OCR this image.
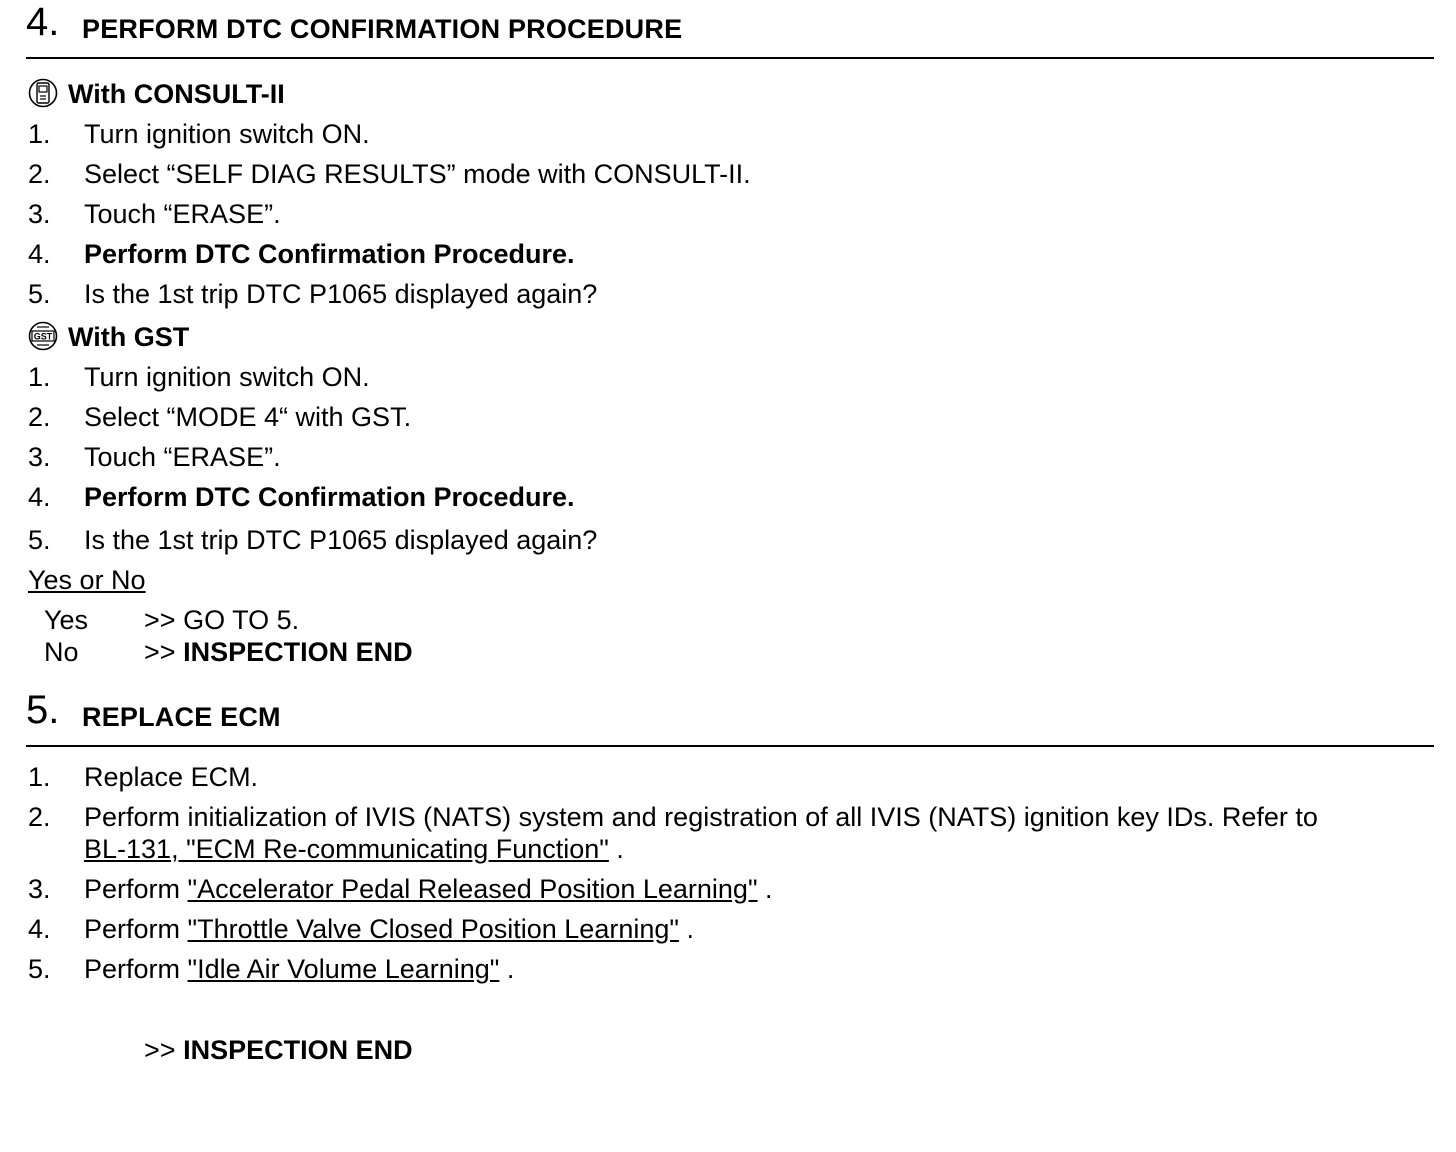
4. PERFORM DTC CONFIRMATION PROCEDURE
With CONSULT-II
1. Turn ignition switch ON.
2. Select “SELF DIAG RESULTS” mode with CONSULT-II.
3. Touch “ERASE”.
4. Perform DTC Confirmation Procedure.
5. Is the 1st trip DTC P1065 displayed again?
GST With GST
1. Turn ignition switch ON.
2. Select “MODE 4“ with GST.
3. Touch “ERASE”.
4. Perform DTC Confirmation Procedure.
5. Is the 1st trip DTC P1065 displayed again?
Yes or No
Yes >> GO TO 5.
No >> INSPECTION END
5. REPLACE ECM
1. Replace ECM.
2. Perform initialization of IVIS (NATS) system and registration of all IVIS (NATS) ignition key IDs. Refer to
BL-131, "ECM Re-communicating Function" .
3. Perform "Accelerator Pedal Released Position Learning" .
4. Perform "Throttle Valve Closed Position Learning" .
5. Perform "Idle Air Volume Learning" .
>> INSPECTION END
